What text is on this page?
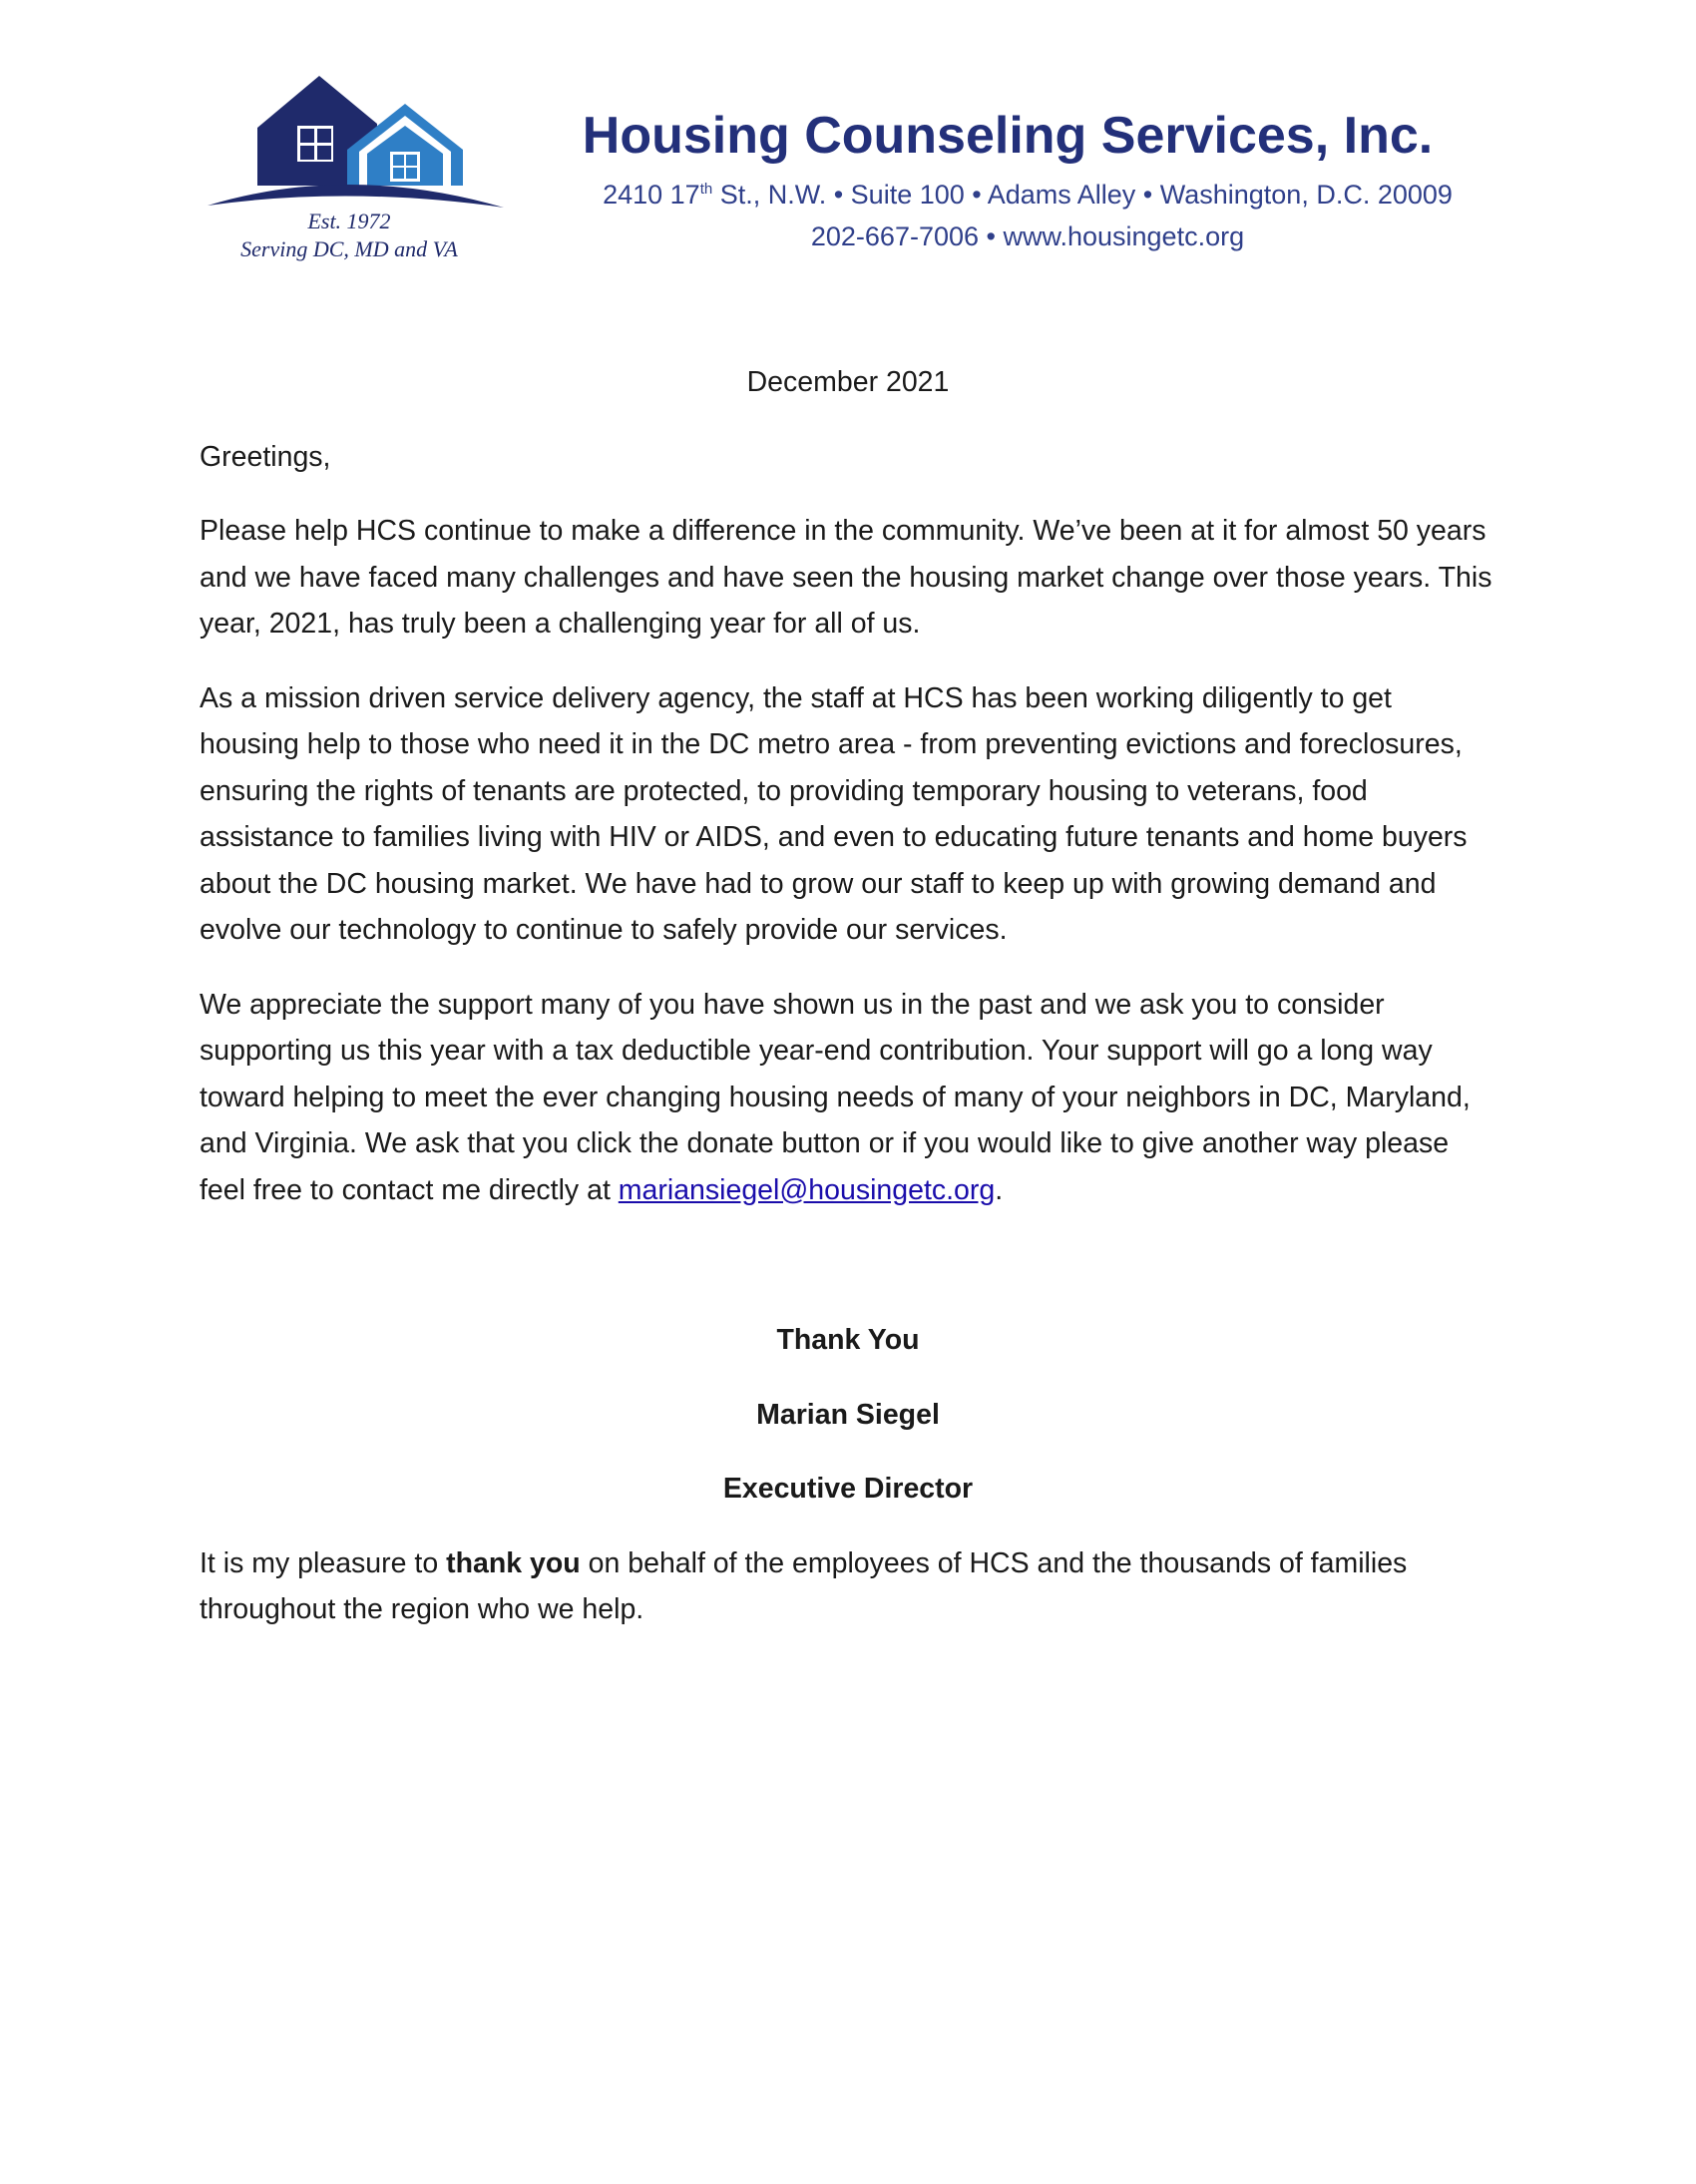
Est. 1972
Serving DC, MD and VA
Housing Counseling Services, Inc.
2410 17th St., N.W. • Suite 100 • Adams Alley • Washington, D.C. 20009
202-667-7006 • www.housingetc.org
December 2021
Greetings,

Please help HCS continue to make a difference in the community. We’ve been at it for almost 50 years and we have faced many challenges and have seen the housing market change over those years. This year, 2021, has truly been a challenging year for all of us.

As a mission driven service delivery agency, the staff at HCS has been working diligently to get housing help to those who need it in the DC metro area - from preventing evictions and foreclosures, ensuring the rights of tenants are protected, to providing temporary housing to veterans, food assistance to families living with HIV or AIDS, and even to educating future tenants and home buyers about the DC housing market. We have had to grow our staff to keep up with growing demand and evolve our technology to continue to safely provide our services.

We appreciate the support many of you have shown us in the past and we ask you to consider supporting us this year with a tax deductible year-end contribution. Your support will go a long way toward helping to meet the ever changing housing needs of many of your neighbors in DC, Maryland, and Virginia. We ask that you click the donate button or if you would like to give another way please feel free to contact me directly at mariansiegel@housingetc.org.

Thank You
Marian Siegel
Executive Director

It is my pleasure to thank you on behalf of the employees of HCS and the thousands of families throughout the region who we help.
